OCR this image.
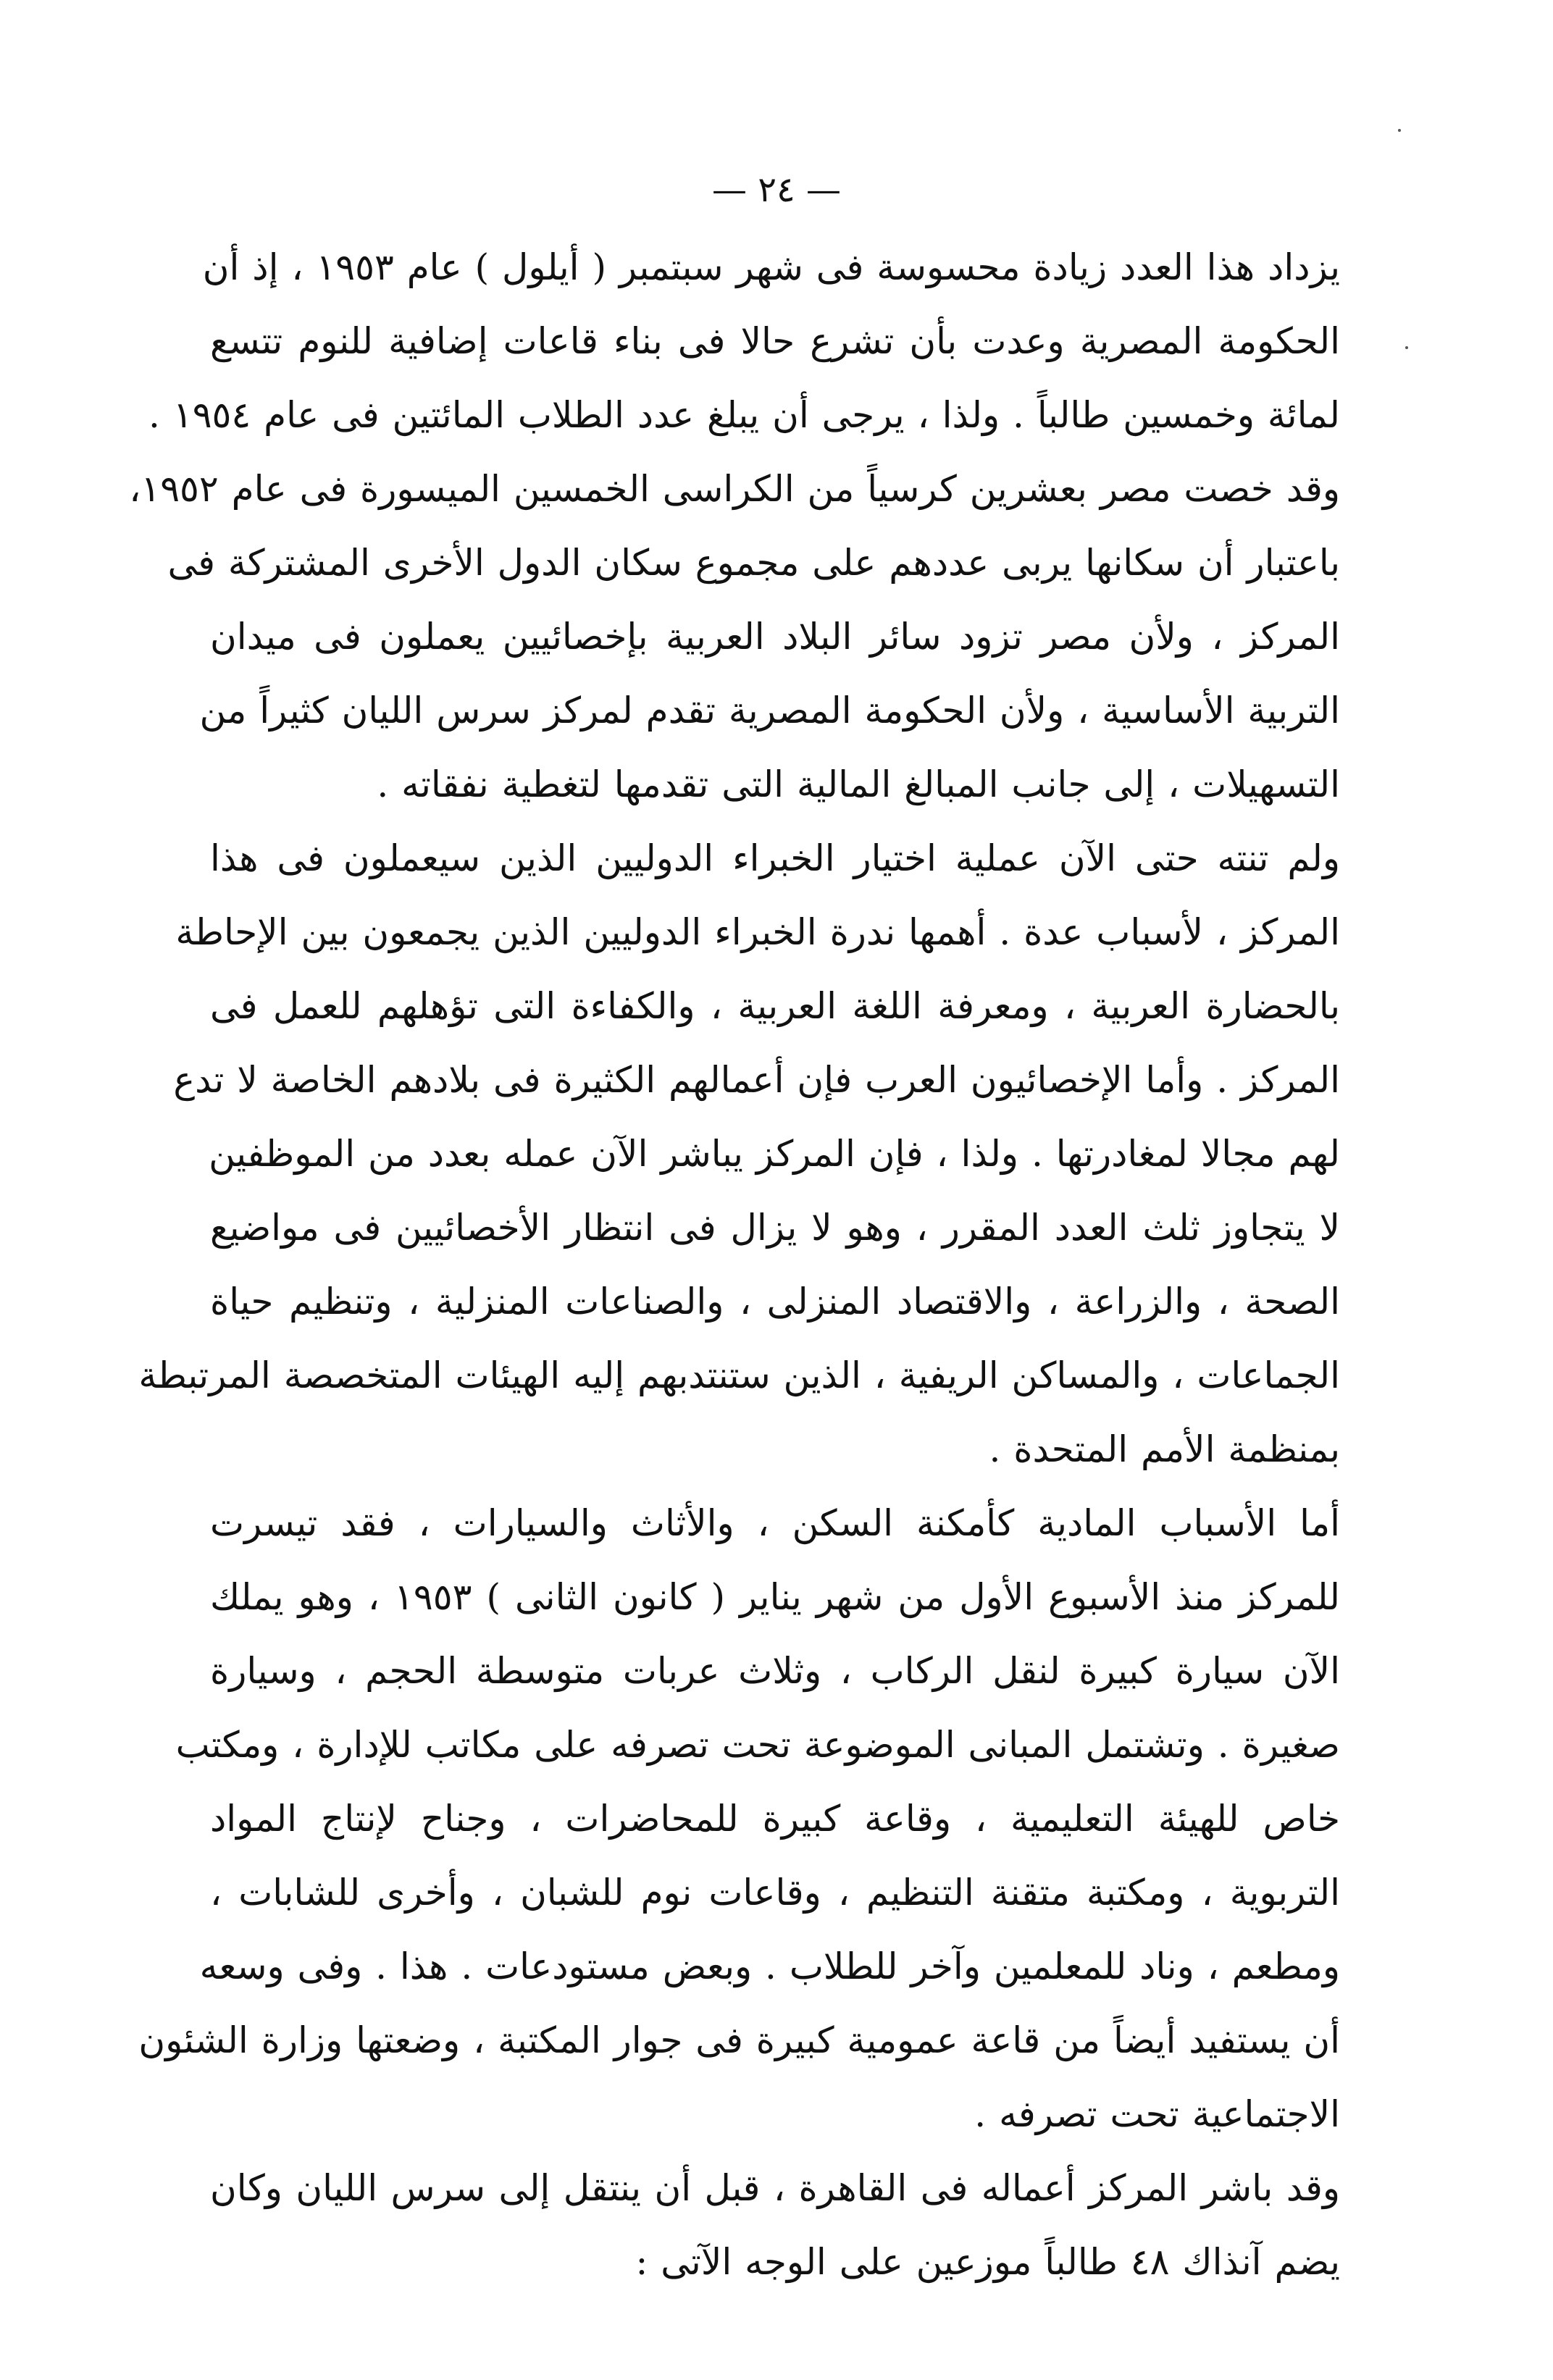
— ٢٤ —
يزداد هذا العدد زيادة محسوسة فى شهر سبتمبر ( أيلول ) عام ١٩٥٣ ، إذ أن
الحكومة المصرية وعدت بأن تشرع حالا فى بناء قاعات إضافية للنوم تتسع
لمائة وخمسين طالباً . ولذا ، يرجى أن يبلغ عدد الطلاب المائتين فى عام ١٩٥٤ .
وقد خصت مصر بعشرين كرسياً من الكراسى الخمسين الميسورة فى عام ١٩٥٢،
باعتبار أن سكانها يربى عددهم على مجموع سكان الدول الأخرى المشتركة فى
المركز ، ولأن مصر تزود سائر البلاد العربية بإخصائيين يعملون فى ميدان
التربية الأساسية ، ولأن الحكومة المصرية تقدم لمركز سرس الليان كثيراً من
التسهيلات ، إلى جانب المبالغ المالية التى تقدمها لتغطية نفقاته .
ولم تنته حتى الآن عملية اختيار الخبراء الدوليين الذين سيعملون فى هذا
المركز ، لأسباب عدة . أهمها ندرة الخبراء الدوليين الذين يجمعون بين الإحاطة
بالحضارة العربية ، ومعرفة اللغة العربية ، والكفاءة التى تؤهلهم للعمل فى
المركز . وأما الإخصائيون العرب فإن أعمالهم الكثيرة فى بلادهم الخاصة لا تدع
لهم مجالا لمغادرتها . ولذا ، فإن المركز يباشر الآن عمله بعدد من الموظفين
لا يتجاوز ثلث العدد المقرر ، وهو لا يزال فى انتظار الأخصائيين فى مواضيع
الصحة ، والزراعة ، والاقتصاد المنزلى ، والصناعات المنزلية ، وتنظيم حياة
الجماعات ، والمساكن الريفية ، الذين ستنتدبهم إليه الهيئات المتخصصة المرتبطة
بمنظمة الأمم المتحدة .
أما الأسباب المادية كأمكنة السكن ، والأثاث والسيارات ، فقد تيسرت
للمركز منذ الأسبوع الأول من شهر يناير ( كانون الثانى ) ١٩٥٣ ، وهو يملك
الآن سيارة كبيرة لنقل الركاب ، وثلاث عربات متوسطة الحجم ، وسيارة
صغيرة . وتشتمل المبانى الموضوعة تحت تصرفه على مكاتب للإدارة ، ومكتب
خاص للهيئة التعليمية ، وقاعة كبيرة للمحاضرات ، وجناح لإنتاج المواد
التربوية ، ومكتبة متقنة التنظيم ، وقاعات نوم للشبان ، وأخرى للشابات ،
ومطعم ، وناد للمعلمين وآخر للطلاب . وبعض مستودعات . هذا . وفى وسعه
أن يستفيد أيضاً من قاعة عمومية كبيرة فى جوار المكتبة ، وضعتها وزارة الشئون
الاجتماعية تحت تصرفه .
وقد باشر المركز أعماله فى القاهرة ، قبل أن ينتقل إلى سرس الليان وكان
يضم آنذاك ٤٨ طالباً موزعين على الوجه الآتى :
